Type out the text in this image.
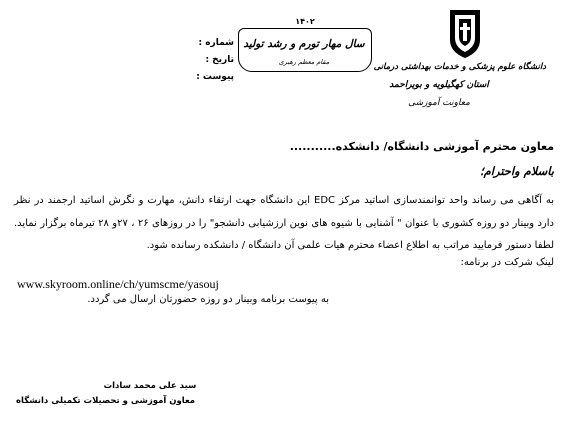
دانشگاه علوم پزشکی و خدمات بهداشتی درمانی
استان کهگیلویه و بویراحمد
معاونت آموزشی
۱۴۰۲
سال مهار تورم و رشد تولید
مقام معظم رهبری
شماره :
تاریخ :
پیوست :
معاون محترم آموزشی دانشگاه/ دانشکده...........
باسلام واحترام؛
به آگاهی می رساند واحد توانمندسازی اساتید مرکز EDC این دانشگاه جهت ارتقاء دانش، مهارت و نگرش اساتید ارجمند در نظر دارد وبینار دو روزه کشوری با عنوان " آشنایی با شیوه های نوین ارزشیابی دانشجو" را در روزهای ۲۶ ، ۲۷و ۲۸ تیرماه برگزار نماید. لطفا دستور فرمایید مراتب به اطلاع اعضاء محترم هیات علمی آن دانشگاه / دانشکده رسانده شود.
لینک شرکت در برنامه:
www.skyroom.online/ch/yumscme/yasouj
به پیوست برنامه وبینار دو روزه حضورتان ارسال می گردد.
سید علی محمد سادات
معاون آموزشی و تحصیلات تکمیلی دانشگاه
